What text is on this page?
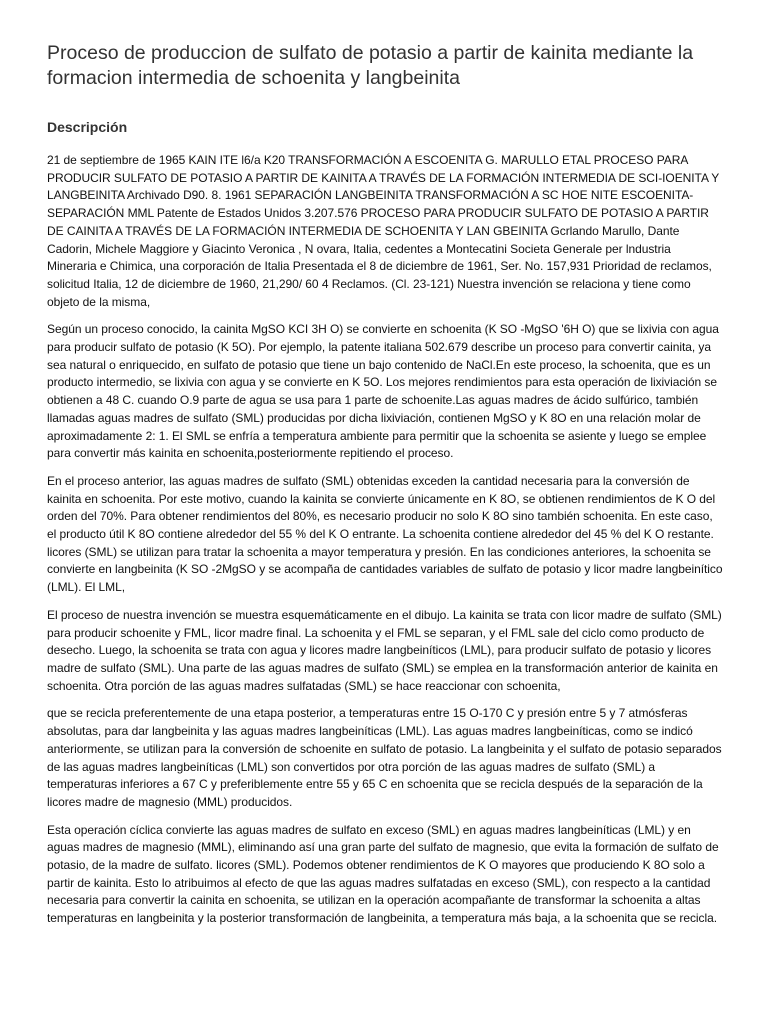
Proceso de produccion de sulfato de potasio a partir de kainita mediante la formacion intermedia de schoenita y langbeinita
Descripción

21 de septiembre de 1965 KAIN ITE l6/a K20 TRANSFORMACIÓN A ESCOENITA G. MARULLO ETAL PROCESO PARA PRODUCIR SULFATO DE POTASIO A PARTIR DE KAINITA A TRAVÉS DE LA FORMACIÓN INTERMEDIA DE SCI-IOENITA Y LANGBEINITA Archivado D90. 8. 1961 SEPARACIÓN LANGBEINITA TRANSFORMACIÓN A SC HOE NITE ESCOENITA-SEPARACIÓN MML Patente de Estados Unidos 3.207.576 PROCESO PARA PRODUCIR SULFATO DE POTASIO A PARTIR DE CAINITA A TRAVÉS DE LA FORMACIÓN INTERMEDIA DE SCHOENITA Y LAN GBEINITA Gcrlando Marullo, Dante Cadorin, Michele Maggiore y Giacinto Veronica , N ovara, Italia, cedentes a Montecatini Societa Generale per lndustria Mineraria e Chimica, una corporación de Italia Presentada el 8 de diciembre de 1961, Ser. No. 157,931 Prioridad de reclamos, solicitud Italia, 12 de diciembre de 1960, 21,290/ 60 4 Reclamos. (Cl. 23-121) Nuestra invención se relaciona y tiene como objeto de la misma,

Según un proceso conocido, la cainita MgSO KCI 3H O) se convierte en schoenita (K SO -MgSO '6H O) que se lixivia con agua para producir sulfato de potasio (K 5O). Por ejemplo, la patente italiana 502.679 describe un proceso para convertir cainita, ya sea natural o enriquecido, en sulfato de potasio que tiene un bajo contenido de NaCl.En este proceso, la schoenita, que es un producto intermedio, se lixivia con agua y se convierte en K 5O. Los mejores rendimientos para esta operación de lixiviación se obtienen a 48 C. cuando O.9 parte de agua se usa para 1 parte de schoenite.Las aguas madres de ácido sulfúrico, también llamadas aguas madres de sulfato (SML) producidas por dicha lixiviación, contienen MgSO y K 8O en una relación molar de aproximadamente 2: 1. El SML se enfría a temperatura ambiente para permitir que la schoenita se asiente y luego se emplee para convertir más kainita en schoenita,posteriormente repitiendo el proceso.

En el proceso anterior, las aguas madres de sulfato (SML) obtenidas exceden la cantidad necesaria para la conversión de kainita en schoenita. Por este motivo, cuando la kainita se convierte únicamente en K 8O, se obtienen rendimientos de K O del orden del 70%. Para obtener rendimientos del 80%, es necesario producir no solo K 8O sino también schoenita. En este caso, el producto útil K 8O contiene alrededor del 55 % del K O entrante. La schoenita contiene alrededor del 45 % del K O restante. licores (SML) se utilizan para tratar la schoenita a mayor temperatura y presión. En las condiciones anteriores, la schoenita se convierte en langbeinita (K SO -2MgSO y se acompaña de cantidades variables de sulfato de potasio y licor madre langbeinítico (LML). El LML,

El proceso de nuestra invención se muestra esquemáticamente en el dibujo. La kainita se trata con licor madre de sulfato (SML) para producir schoenite y FML, licor madre final. La schoenita y el FML se separan, y el FML sale del ciclo como producto de desecho. Luego, la schoenita se trata con agua y licores madre langbeiníticos (LML), para producir sulfato de potasio y licores madre de sulfato (SML). Una parte de las aguas madres de sulfato (SML) se emplea en la transformación anterior de kainita en schoenita. Otra porción de las aguas madres sulfatadas (SML) se hace reaccionar con schoenita,

que se recicla preferentemente de una etapa posterior, a temperaturas entre 15 O-170 C y presión entre 5 y 7 atmósferas absolutas, para dar langbeinita y las aguas madres langbeiníticas (LML). Las aguas madres langbeiníticas, como se indicó anteriormente, se utilizan para la conversión de schoenite en sulfato de potasio. La langbeinita y el sulfato de potasio separados de las aguas madres langbeiníticas (LML) son convertidos por otra porción de las aguas madres de sulfato (SML) a temperaturas inferiores a 67 C y preferiblemente entre 55 y 65 C en schoenita que se recicla después de la separación de la licores madre de magnesio (MML) producidos.

Esta operación cíclica convierte las aguas madres de sulfato en exceso (SML) en aguas madres langbeiníticas (LML) y en aguas madres de magnesio (MML), eliminando así una gran parte del sulfato de magnesio, que evita la formación de sulfato de potasio, de la madre de sulfato. licores (SML). Podemos obtener rendimientos de K O mayores que produciendo K 8O solo a partir de kainita. Esto lo atribuimos al efecto de que las aguas madres sulfatadas en exceso (SML), con respecto a la cantidad necesaria para convertir la cainita en schoenita, se utilizan en la operación acompañante de transformar la schoenita a altas temperaturas en langbeinita y la posterior transformación de langbeinita, a temperatura más baja, a la schoenita que se recicla.
